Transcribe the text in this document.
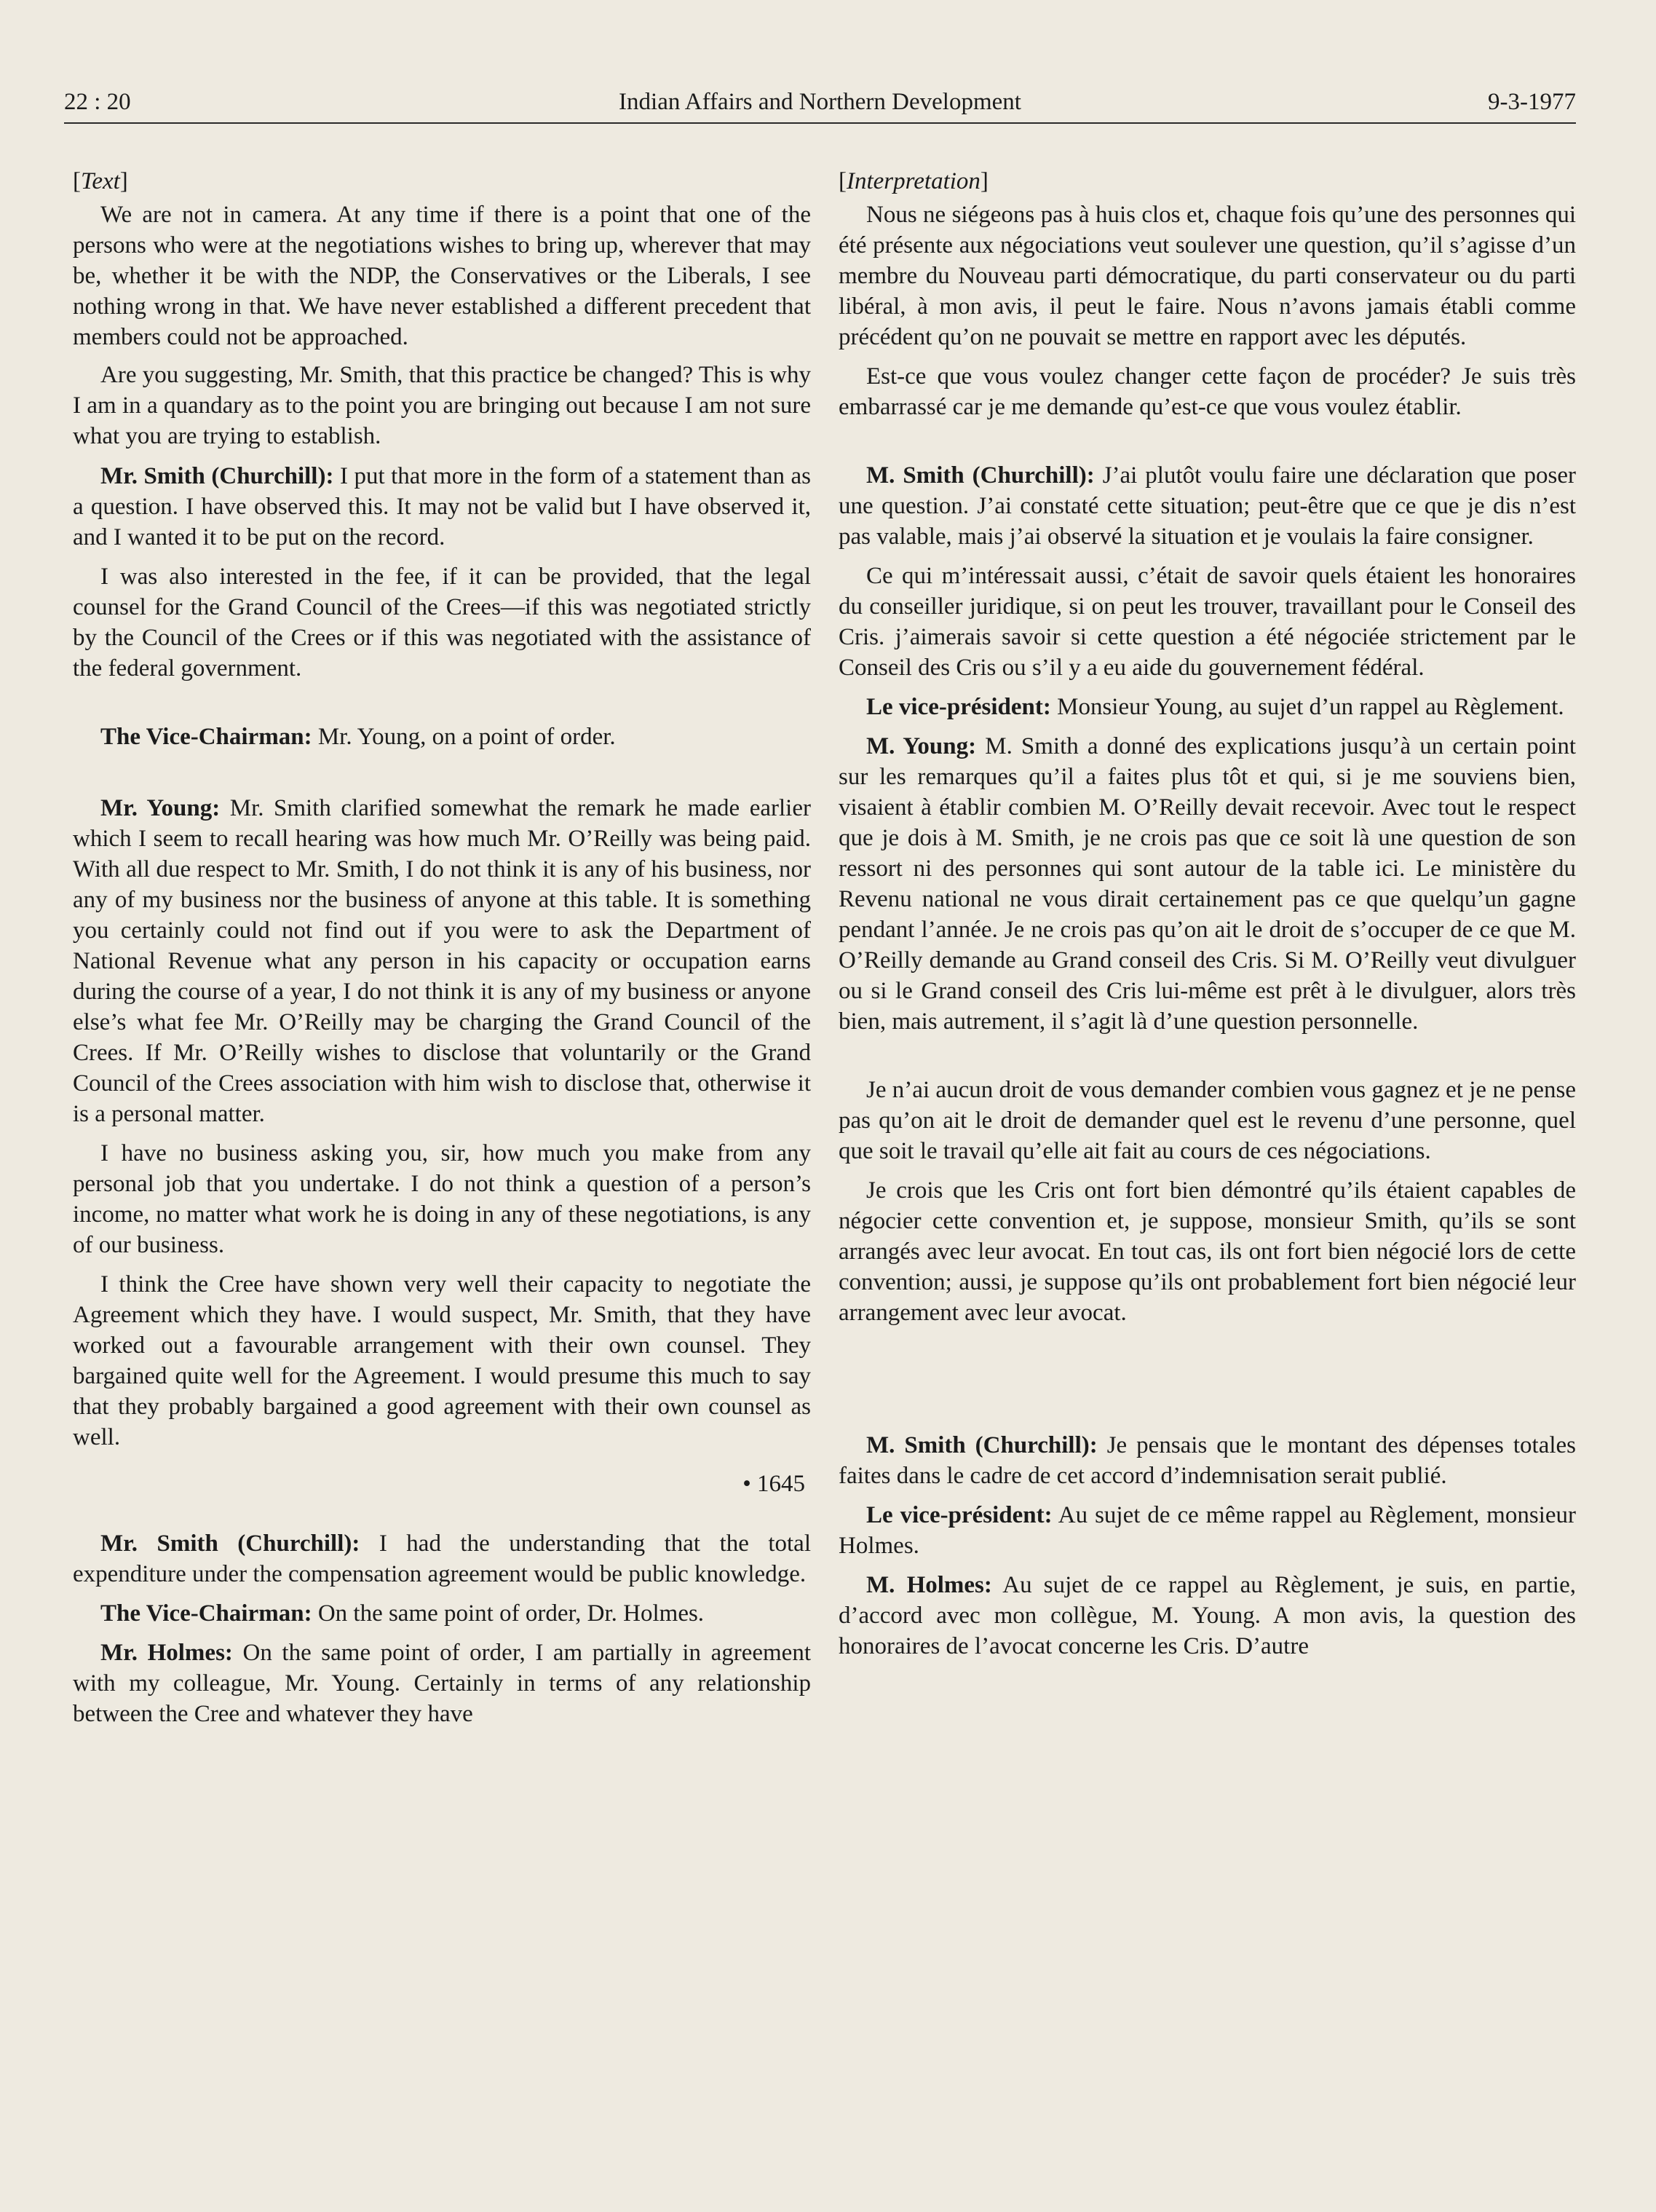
22 : 20	Indian Affairs and Northern Development	9-3-1977
[Text]

We are not in camera. At any time if there is a point that one of the persons who were at the negotiations wishes to bring up, wherever that may be, whether it be with the NDP, the Conservatives or the Liberals, I see nothing wrong in that. We have never established a different precedent that members could not be approached.

Are you suggesting, Mr. Smith, that this practice be changed? This is why I am in a quandary as to the point you are bringing out because I am not sure what you are trying to establish.

Mr. Smith (Churchill): I put that more in the form of a statement than as a question. I have observed this. It may not be valid but I have observed it, and I wanted it to be put on the record.

I was also interested in the fee, if it can be provided, that the legal counsel for the Grand Council of the Crees—if this was negotiated strictly by the Council of the Crees or if this was negotiated with the assistance of the federal government.

The Vice-Chairman: Mr. Young, on a point of order.

Mr. Young: Mr. Smith clarified somewhat the remark he made earlier which I seem to recall hearing was how much Mr. O’Reilly was being paid. With all due respect to Mr. Smith, I do not think it is any of his business, nor any of my business nor the business of anyone at this table. It is something you certainly could not find out if you were to ask the Department of National Revenue what any person in his capacity or occupation earns during the course of a year, I do not think it is any of my business or anyone else’s what fee Mr. O’Reilly may be charging the Grand Council of the Crees. If Mr. O’Reilly wishes to disclose that voluntarily or the Grand Council of the Crees association with him wish to disclose that, otherwise it is a personal matter.

I have no business asking you, sir, how much you make from any personal job that you undertake. I do not think a question of a person’s income, no matter what work he is doing in any of these negotiations, is any of our business.

I think the Cree have shown very well their capacity to negotiate the Agreement which they have. I would suspect, Mr. Smith, that they have worked out a favourable arrangement with their own counsel. They bargained quite well for the Agreement. I would presume this much to say that they probably bargained a good agreement with their own counsel as well.

• 1645

Mr. Smith (Churchill): I had the understanding that the total expenditure under the compensation agreement would be public knowledge.

The Vice-Chairman: On the same point of order, Dr. Holmes.

Mr. Holmes: On the same point of order, I am partially in agreement with my colleague, Mr. Young. Certainly in terms of any relationship between the Cree and whatever they have

[Interpretation]

Nous ne siégeons pas à huis clos et, chaque fois qu’une des personnes qui été présente aux négociations veut soulever une question, qu’il s’agisse d’un membre du Nouveau parti démocratique, du parti conservateur ou du parti libéral, à mon avis, il peut le faire. Nous n’avons jamais établi comme précédent qu’on ne pouvait se mettre en rapport avec les députés.

Est-ce que vous voulez changer cette façon de procéder? Je suis très embarrassé car je me demande qu’est-ce que vous voulez établir.

M. Smith (Churchill): J’ai plutôt voulu faire une déclaration que poser une question. J’ai constaté cette situation; peut-être que ce que je dis n’est pas valable, mais j’ai observé la situation et je voulais la faire consigner.

Ce qui m’intéressait aussi, c’était de savoir quels étaient les honoraires du conseiller juridique, si on peut les trouver, travaillant pour le Conseil des Cris. j’aimerais savoir si cette question a été négociée strictement par le Conseil des Cris ou s’il y a eu aide du gouvernement fédéral.

Le vice-président: Monsieur Young, au sujet d’un rappel au Règlement.

M. Young: M. Smith a donné des explications jusqu’à un certain point sur les remarques qu’il a faites plus tôt et qui, si je me souviens bien, visaient à établir combien M. O’Reilly devait recevoir. Avec tout le respect que je dois à M. Smith, je ne crois pas que ce soit là une question de son ressort ni des personnes qui sont autour de la table ici. Le ministère du Revenu national ne vous dirait certainement pas ce que quelqu’un gagne pendant l’année. Je ne crois pas qu’on ait le droit de s’occuper de ce que M. O’Reilly demande au Grand conseil des Cris. Si M. O’Reilly veut divulguer ou si le Grand conseil des Cris lui-même est prêt à le divulguer, alors très bien, mais autrement, il s’agit là d’une question personnelle.

Je n’ai aucun droit de vous demander combien vous gagnez et je ne pense pas qu’on ait le droit de demander quel est le revenu d’une personne, quel que soit le travail qu’elle ait fait au cours de ces négociations.

Je crois que les Cris ont fort bien démontré qu’ils étaient capables de négocier cette convention et, je suppose, monsieur Smith, qu’ils se sont arrangés avec leur avocat. En tout cas, ils ont fort bien négocié lors de cette convention; aussi, je suppose qu’ils ont probablement fort bien négocié leur arrangement avec leur avocat.

M. Smith (Churchill): Je pensais que le montant des dépenses totales faites dans le cadre de cet accord d’indemnisation serait publié.

Le vice-président: Au sujet de ce même rappel au Règlement, monsieur Holmes.

M. Holmes: Au sujet de ce rappel au Règlement, je suis, en partie, d’accord avec mon collègue, M. Young. A mon avis, la question des honoraires de l’avocat concerne les Cris. D’autre
